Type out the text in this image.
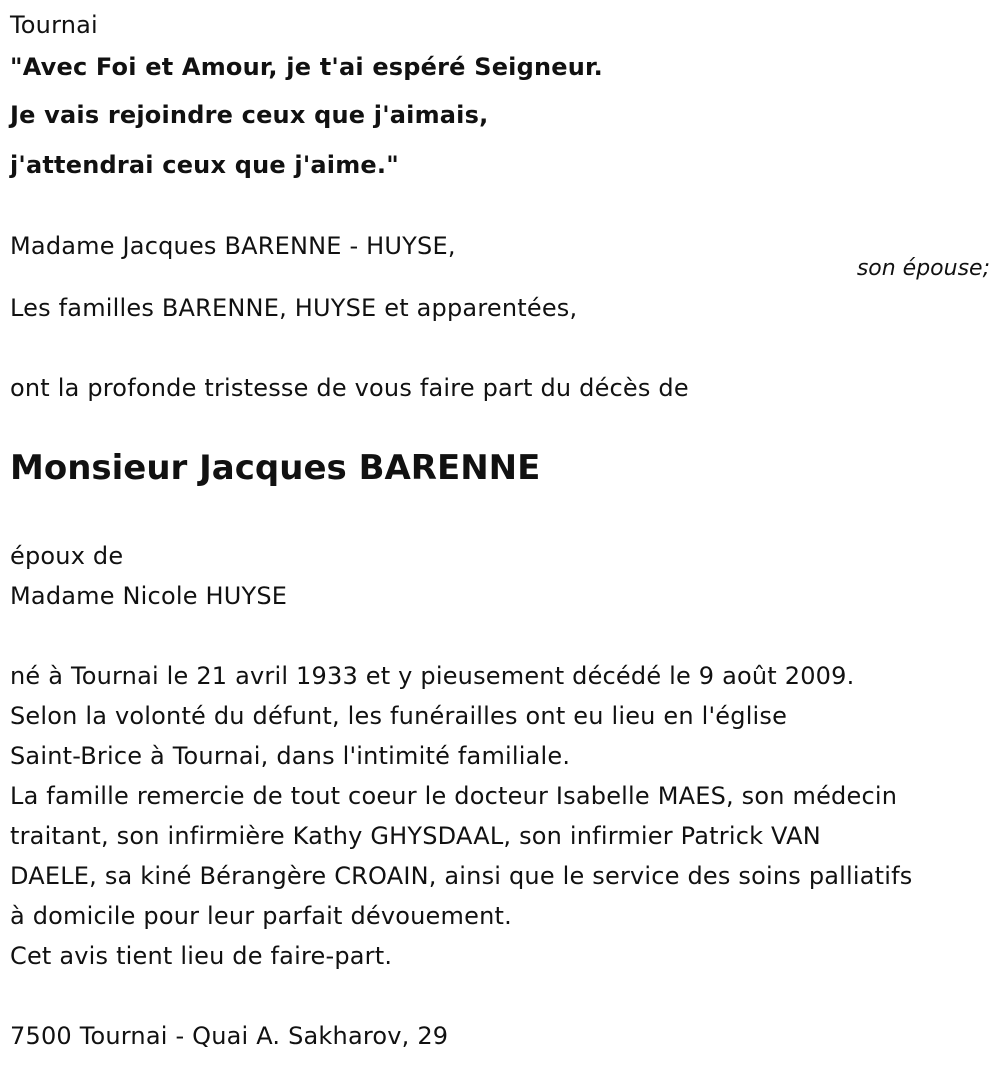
Tournai
"Avec Foi et Amour, je t'ai espéré Seigneur.
Je vais rejoindre ceux que j'aimais,
j'attendrai ceux que j'aime."
Madame Jacques BARENNE - HUYSE,
son épouse;
Les familles BARENNE, HUYSE et apparentées,
ont la profonde tristesse de vous faire part du décès de
Monsieur Jacques BARENNE
époux de
Madame Nicole HUYSE
né à Tournai le 21 avril 1933 et y pieusement décédé le 9 août 2009.
Selon la volonté du défunt, les funérailles ont eu lieu en l'église
Saint-Brice à Tournai, dans l'intimité familiale.
La famille remercie de tout coeur le docteur Isabelle MAES, son médecin
traitant, son infirmière Kathy GHYSDAAL, son infirmier Patrick VAN
DAELE, sa kiné Bérangère CROAIN, ainsi que le service des soins palliatifs
à domicile pour leur parfait dévouement.
Cet avis tient lieu de faire-part.
7500 Tournai - Quai A. Sakharov, 29
